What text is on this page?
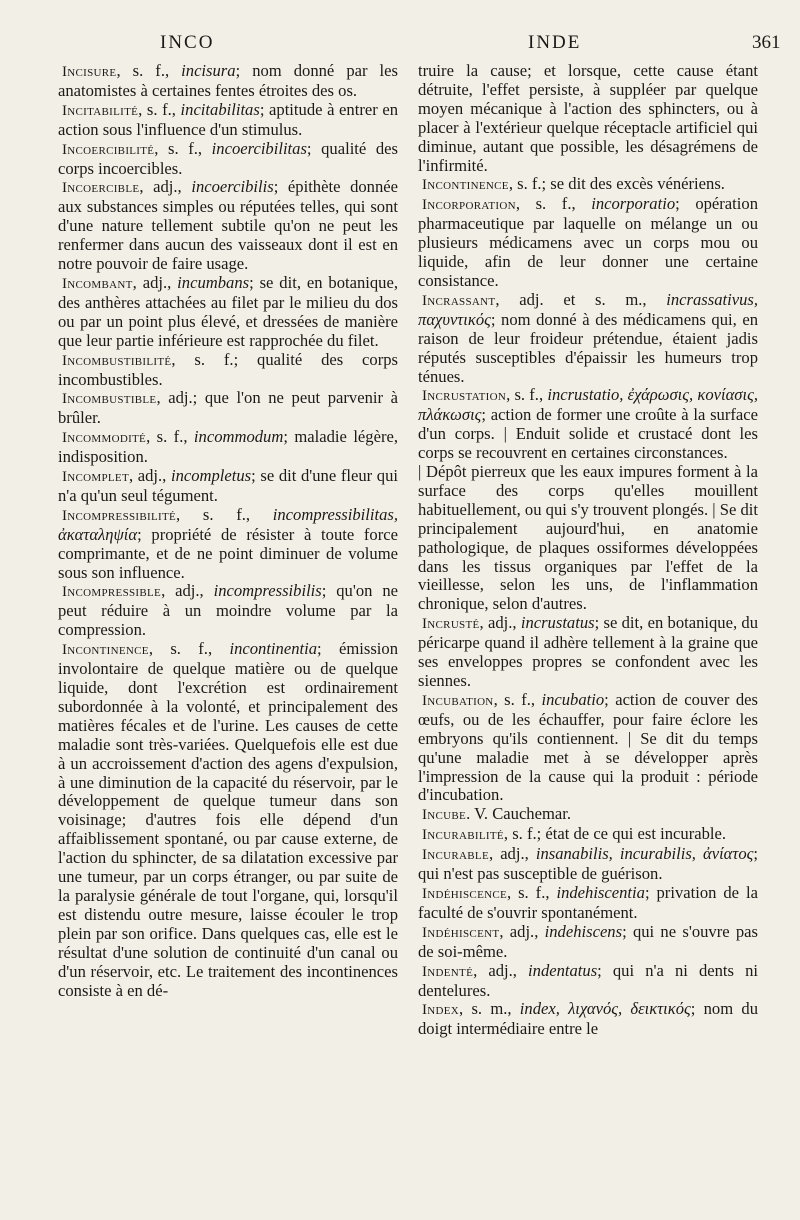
INCO	INDE	361

Incisure, s. f., incisura; nom donné par les anatomistes à certaines fentes étroites des os.

Incitabilité, s. f., incitabilitas; aptitude à entrer en action sous l'influence d'un stimulus.

Incoercibilité, s. f., incoercibilitas; qualité des corps incoercibles.

Incoercible, adj., incoercibilis; épithète donnée aux substances simples ou réputées telles, qui sont d'une nature tellement subtile qu'on ne peut les renfermer dans aucun des vaisseaux dont il est en notre pouvoir de faire usage.

Incombant, adj., incumbans; se dit, en botanique, des anthères attachées au filet par le milieu du dos ou par un point plus élevé, et dressées de manière que leur partie inférieure est rapprochée du filet.

Incombustibilité, s. f.; qualité des corps incombustibles.

Incombustible, adj.; que l'on ne peut parvenir à brûler.

Incommodité, s. f., incommodum; maladie légère, indisposition.

Incomplet, adj., incompletus; se dit d'une fleur qui n'a qu'un seul tégument.

Incompressibilité, s. f., incompressibilitas, ἀκαταληψία; propriété de résister à toute force comprimante, et de ne point diminuer de volume sous son influence.

Incompressible, adj., incompressibilis; qu'on ne peut réduire à un moindre volume par la compression.

Incontinence, s. f., incontinentia; émission involontaire de quelque matière ou de quelque liquide, dont l'excrétion est ordinairement subordonnée à la volonté, et principalement des matières fécales et de l'urine. Les causes de cette maladie sont très-variées. Quelquefois elle est due à un accroissement d'action des agens d'expulsion, à une diminution de la capacité du réservoir, par le développement de quelque tumeur dans son voisinage; d'autres fois elle dépend d'un affaiblissement spontané, ou par cause externe, de l'action du sphincter, de sa dilatation excessive par une tumeur, par un corps étranger, ou par suite de la paralysie générale de tout l'organe, qui, lorsqu'il est distendu outre mesure, laisse écouler le trop plein par son orifice. Dans quelques cas, elle est le résultat d'une solution de continuité d'un canal ou d'un réservoir, etc. Le traitement des incontinences consiste à en dé-

truire la cause; et lorsque, cette cause étant détruite, l'effet persiste, à suppléer par quelque moyen mécanique à l'action des sphincters, ou à placer à l'extérieur quelque réceptacle artificiel qui diminue, autant que possible, les désagrémens de l'infirmité.

Incontinence, s. f.; se dit des excès vénériens.

Incorporation, s. f., incorporatio; opération pharmaceutique par laquelle on mélange un ou plusieurs médicamens avec un corps mou ou liquide, afin de leur donner une certaine consistance.

Incrassant, adj. et s. m., incrassativus, παχυντικός; nom donné à des médicamens qui, en raison de leur froideur prétendue, étaient jadis réputés susceptibles d'épaissir les humeurs trop ténues.

Incrustation, s. f., incrustatio, ἐχάρωσις, κονίασις, πλάκωσις; action de former une croûte à la surface d'un corps. | Enduit solide et crustacé dont les corps se recouvrent en certaines circonstances.

| Dépôt pierreux que les eaux impures forment à la surface des corps qu'elles mouillent habituellement, ou qui s'y trouvent plongés. | Se dit principalement aujourd'hui, en anatomie pathologique, de plaques ossiformes développées dans les tissus organiques par l'effet de la vieillesse, selon les uns, de l'inflammation chronique, selon d'autres.

Incrusté, adj., incrustatus; se dit, en botanique, du péricarpe quand il adhère tellement à la graine que ses enveloppes propres se confondent avec les siennes.

Incubation, s. f., incubatio; action de couver des œufs, ou de les échauffer, pour faire éclore les embryons qu'ils contiennent. | Se dit du temps qu'une maladie met à se développer après l'impression de la cause qui la produit : période d'incubation.

Incube. V. Cauchemar.

Incurabilité, s. f.; état de ce qui est incurable.

Incurable, adj., insanabilis, incurabilis, ἀνίατος; qui n'est pas susceptible de guérison.

Indéhiscence, s. f., indehiscentia; privation de la faculté de s'ouvrir spontanément.

Indéhiscent, adj., indehiscens; qui ne s'ouvre pas de soi-même.

Indenté, adj., indentatus; qui n'a ni dents ni dentelures.

Index, s. m., index, λιχανός, δεικτικός; nom du doigt intermédiaire entre le
